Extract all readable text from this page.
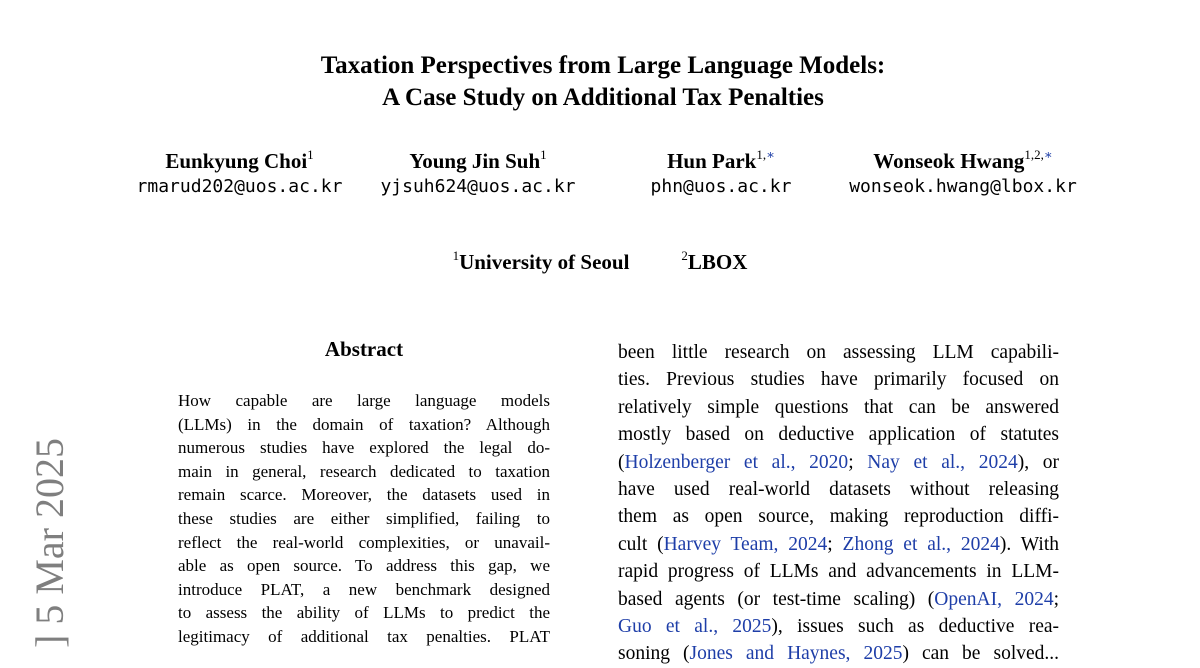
Taxation Perspectives from Large Language Models:
A Case Study on Additional Tax Penalties
Eunkyung Choi$^1$
rmarud202@uos.ac.kr
Young Jin Suh$^1$
yjsuh624@uos.ac.kr
Hun Park$^{1,∗}$
phn@uos.ac.kr
Wonseok Hwang$^{1,2,∗}$
wonseok.hwang@lbox.kr
$^1$University of Seoul	$^2$LBOX
] 5 Mar 2025
Abstract
How capable are large language models
(LLMs) in the domain of taxation? Although
numerous studies have explored the legal do-
main in general, research dedicated to taxation
remain scarce. Moreover, the datasets used in
these studies are either simplified, failing to
reflect the real-world complexities, or unavail-
able as open source. To address this gap, we
introduce PLAT, a new benchmark designed
to assess the ability of LLMs to predict the
legitimacy of additional tax penalties. PLAT
been little research on assessing LLM capabili-
ties. Previous studies have primarily focused on
relatively simple questions that can be answered
mostly based on deductive application of statutes
(Holzenberger et al., 2020; Nay et al., 2024), or
have used real-world datasets without releasing
them as open source, making reproduction diffi-
cult (Harvey Team, 2024; Zhong et al., 2024). With
rapid progress of LLMs and advancements in LLM-
based agents (or test-time scaling) (OpenAI, 2024;
Guo et al., 2025), issues such as deductive rea-
soning (Jones and Haynes, 2025) can be solved...
